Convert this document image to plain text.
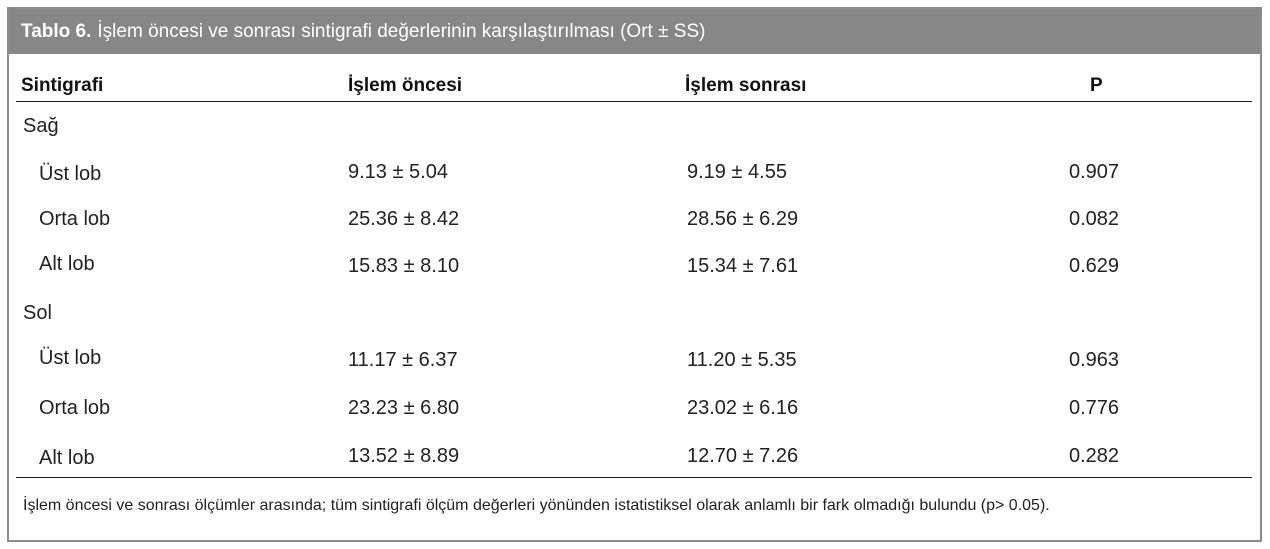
Tablo 6. İşlem öncesi ve sonrası sintigrafi değerlerinin karşılaştırılması (Ort ± SS)
Sintigrafi	İşlem öncesi	İşlem sonrası	P
Sağ
Üst lob	9.13 ± 5.04	9.19 ± 4.55	0.907
Orta lob	25.36 ± 8.42	28.56 ± 6.29	0.082
Alt lob	15.83 ± 8.10	15.34 ± 7.61	0.629
Sol
Üst lob	11.17 ± 6.37	11.20 ± 5.35	0.963
Orta lob	23.23 ± 6.80	23.02 ± 6.16	0.776
Alt lob	13.52 ± 8.89	12.70 ± 7.26	0.282
İşlem öncesi ve sonrası ölçümler arasında; tüm sintigrafi ölçüm değerleri yönünden istatistiksel olarak anlamlı bir fark olmadığı bulundu (p> 0.05).
